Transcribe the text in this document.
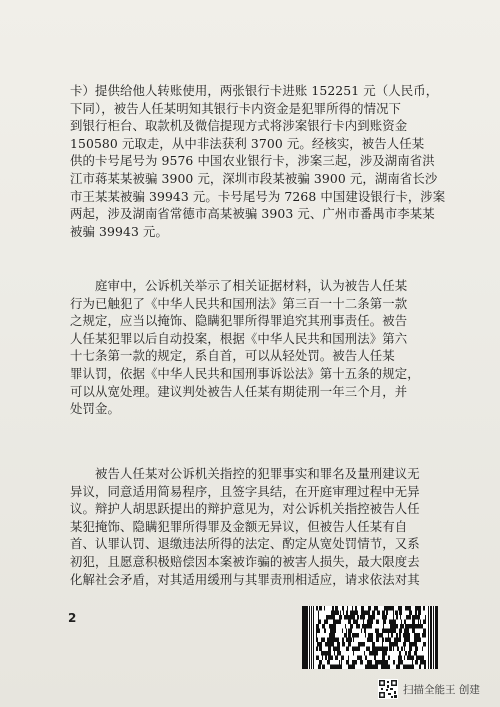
卡）提供给他人转账使用，两张银行卡进账 152251 元（人民币，
下同），被告人任某明知其银行卡内资金是犯罪所得的情况下
到银行柜台、取款机及微信提现方式将涉案银行卡内到账资金
150580 元取走，从中非法获利 3700 元。经核实，被告人任某
供的卡号尾号为 9576 中国农业银行卡，涉案三起，涉及湖南省洪
江市蒋某某被骗 3900 元，深圳市段某被骗 3900 元，湖南省长沙
市王某某被骗 39943 元。卡号尾号为 7268 中国建设银行卡，涉案
两起，涉及湖南省常德市高某被骗 3903 元、广州市番禺市李某某
被骗 39943 元。
　　庭审中，公诉机关举示了相关证据材料，认为被告人任某
行为已触犯了《中华人民共和国刑法》第三百一十二条第一款
之规定，应当以掩饰、隐瞒犯罪所得罪追究其刑事责任。被告
人任某犯罪以后自动投案，根据《中华人民共和国刑法》第六
十七条第一款的规定，系自首，可以从轻处罚。被告人任某
罪认罚，依据《中华人民共和国刑事诉讼法》第十五条的规定，
可以从宽处理。建议判处被告人任某有期徒刑一年三个月，并
处罚金。
　　被告人任某对公诉机关指控的犯罪事实和罪名及量刑建议无
异议，同意适用简易程序，且签字具结，在开庭审理过程中无异
议。辩护人胡思跃提出的辩护意见为，对公诉机关指控被告人任
某犯掩饰、隐瞒犯罪所得罪及金额无异议，但被告人任某有自
首、认罪认罚、退缴违法所得的法定、酌定从宽处罚情节，又系
初犯，且愿意积极赔偿因本案被诈骗的被害人损失，最大限度去
化解社会矛盾，对其适用缓刑与其罪责刑相适应，请求依法对其
2
扫描全能王 创建
